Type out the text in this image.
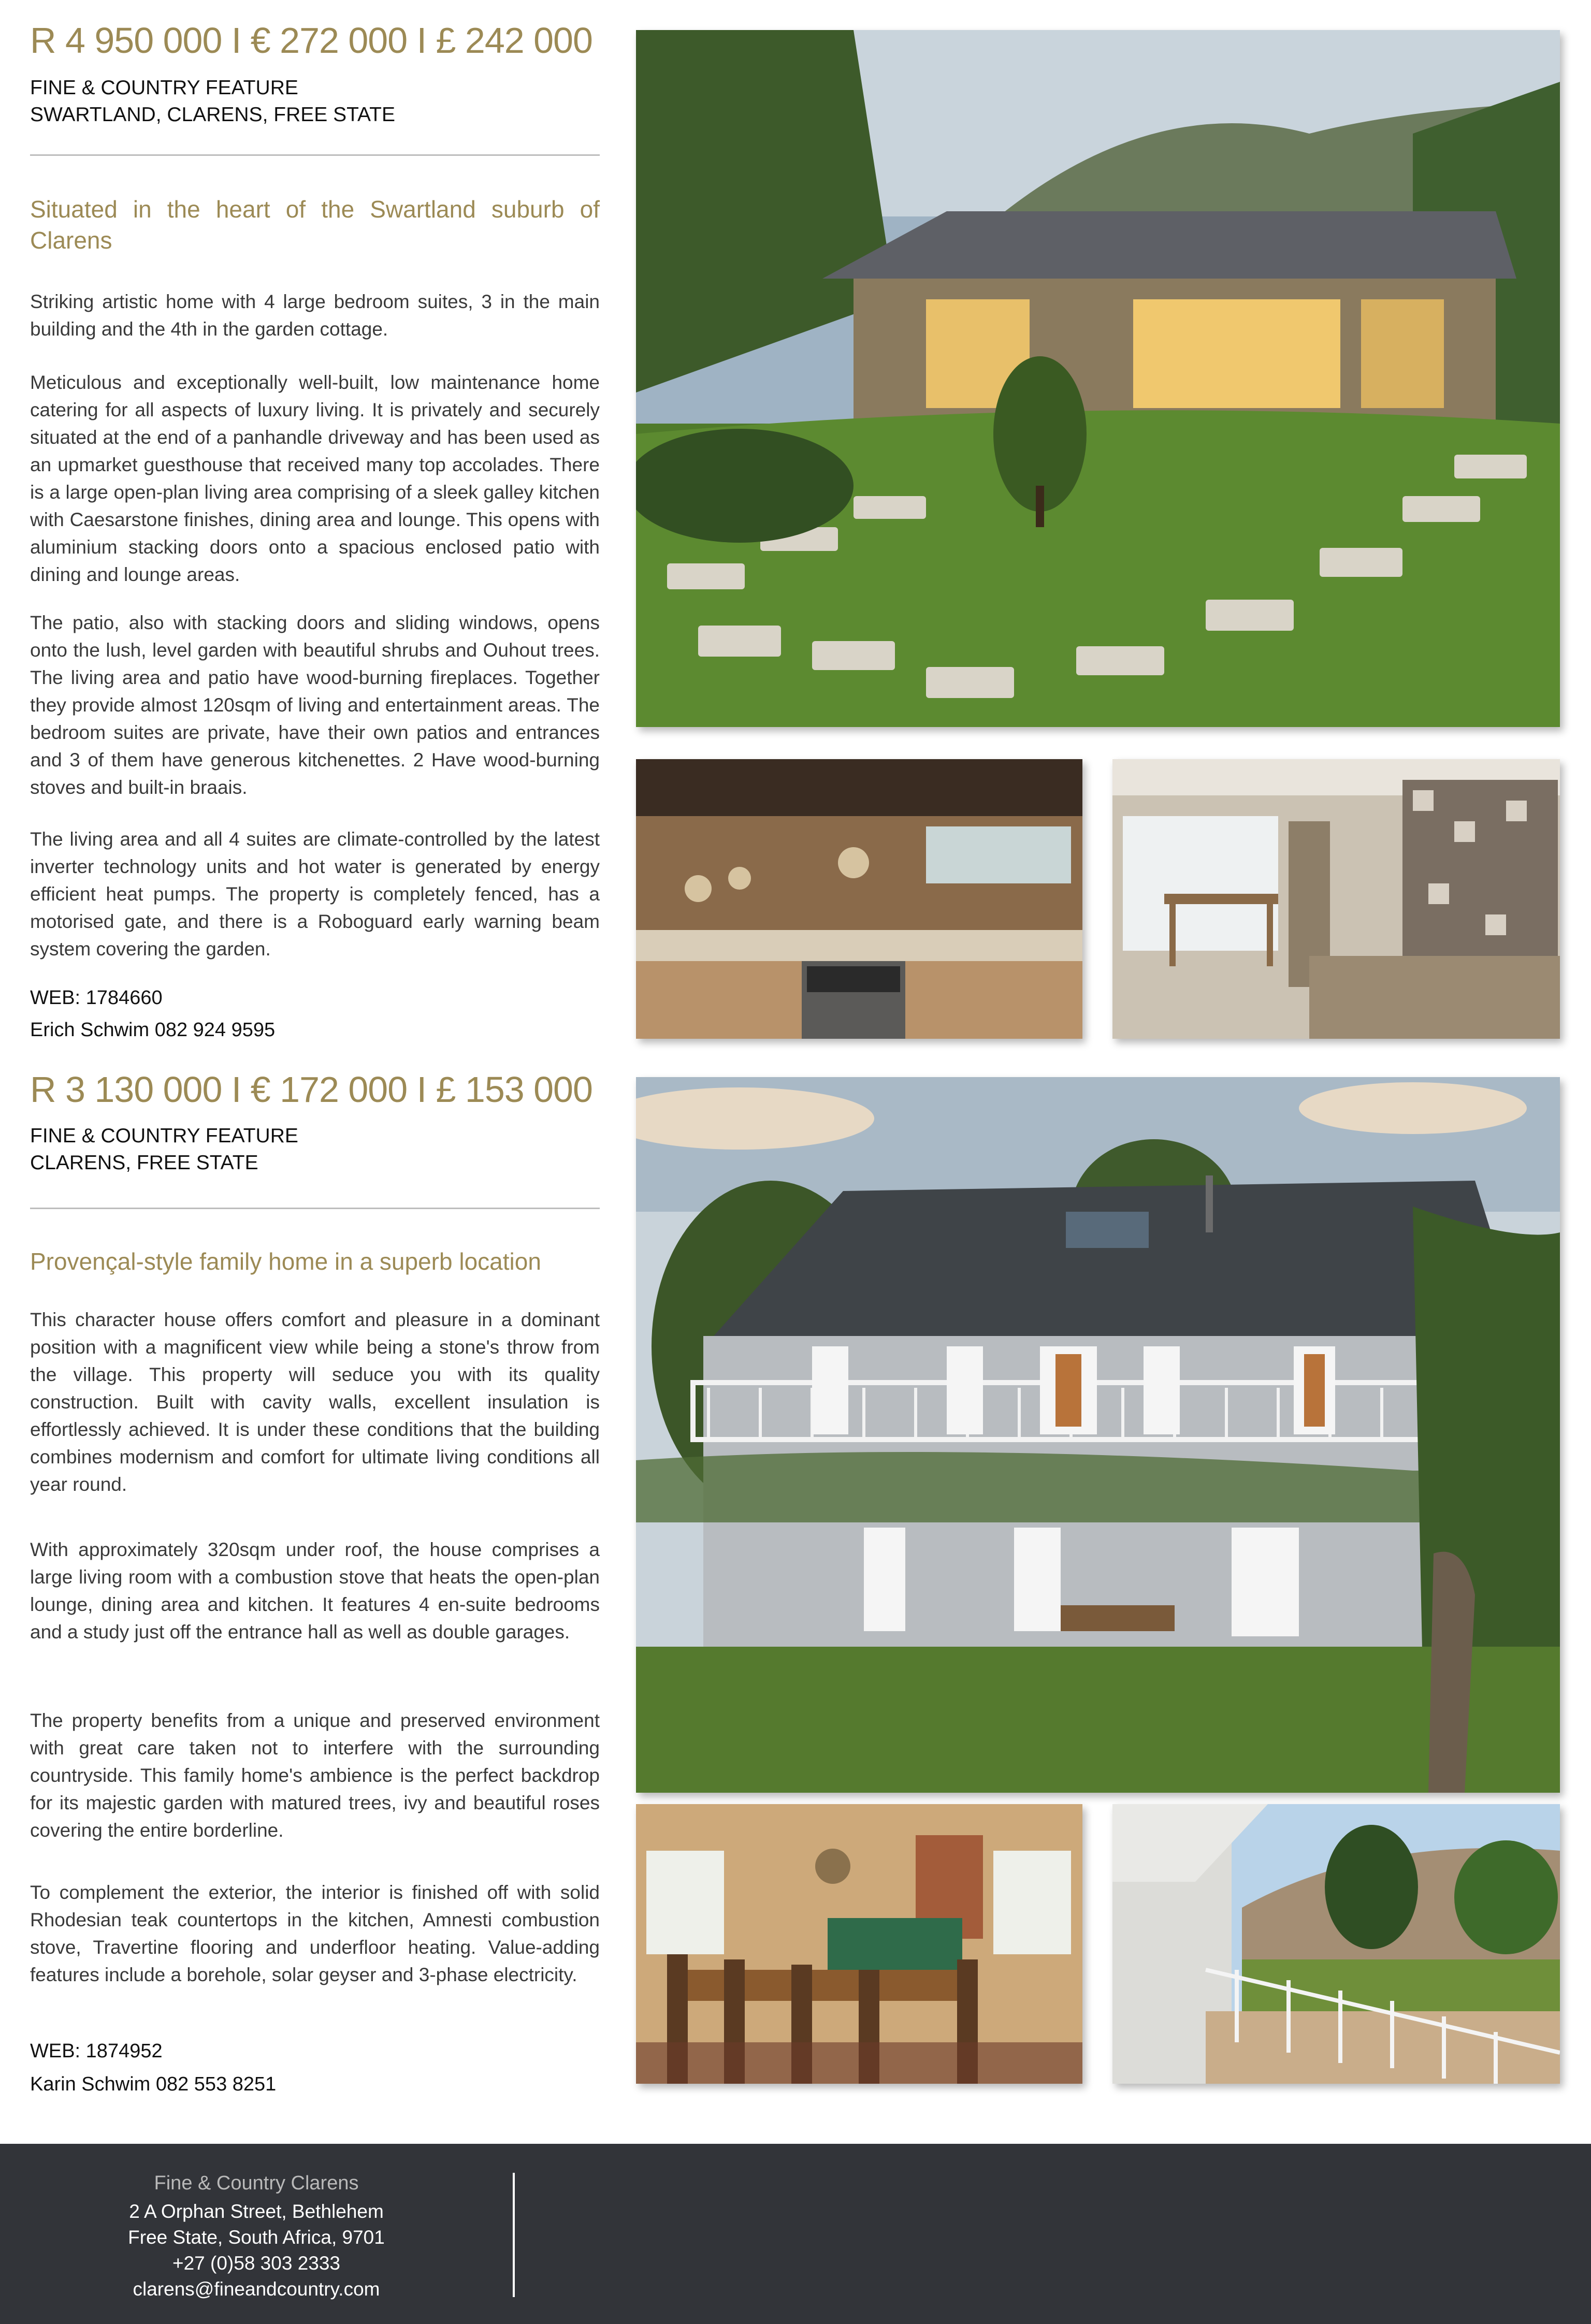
R 4 950 000 I € 272 000 I £ 242 000

FINE & COUNTRY FEATURE
SWARTLAND, CLARENS, FREE STATE

Situated in the heart of the Swartland suburb of Clarens

Striking artistic home with 4 large bedroom suites, 3 in the main building and the 4th in the garden cottage.

Meticulous and exceptionally well-built, low maintenance home catering for all aspects of luxury living. It is privately and securely situated at the end of a panhandle driveway and has been used as an upmarket guesthouse that received many top accolades. There is a large open-plan living area comprising of a sleek galley kitchen with Caesarstone finishes, dining area and lounge. This opens with aluminium stacking doors onto a spacious enclosed patio with dining and lounge areas.

The patio, also with stacking doors and sliding windows, opens onto the lush, level garden with beautiful shrubs and Ouhout trees. The living area and patio have wood-burning fireplaces. Together they provide almost 120sqm of living and entertainment areas. The bedroom suites are private, have their own patios and entrances and 3 of them have generous kitchenettes. 2 Have wood-burning stoves and built-in braais.

The living area and all 4 suites are climate-controlled by the latest inverter technology units and hot water is generated by energy efficient heat pumps. The property is completely fenced, has a motorised gate, and there is a Roboguard early warning beam system covering the garden.

WEB: 1784660

Erich Schwim 082 924 9595

R 3 130 000 I € 172 000 I £ 153 000

FINE & COUNTRY FEATURE
CLARENS, FREE STATE

Provençal-style family home in a superb location

This character house offers comfort and pleasure in a dominant position with a magnificent view while being a stone's throw from the village. This property will seduce you with its quality construction. Built with cavity walls, excellent insulation is effortlessly achieved. It is under these conditions that the building combines modernism and comfort for ultimate living conditions all year round.

With approximately 320sqm under roof, the house comprises a large living room with a combustion stove that heats the open-plan lounge, dining area and kitchen. It features 4 en-suite bedrooms and a study just off the entrance hall as well as double garages.

The property benefits from a unique and preserved environment with great care taken not to interfere with the surrounding countryside. This family home's ambience is the perfect backdrop for its majestic garden with matured trees, ivy and beautiful roses covering the entire borderline.

To complement the exterior, the interior is finished off with solid Rhodesian teak countertops in the kitchen, Amnesti combustion stove, Travertine flooring and underfloor heating. Value-adding features include a borehole, solar geyser and 3-phase electricity.

WEB: 1874952

Karin Schwim 082 553 8251

Fine & Country Clarens
2 A Orphan Street, Bethlehem
Free State, South Africa, 9701
+27 (0)58 303 2333
clarens@fineandcountry.com
